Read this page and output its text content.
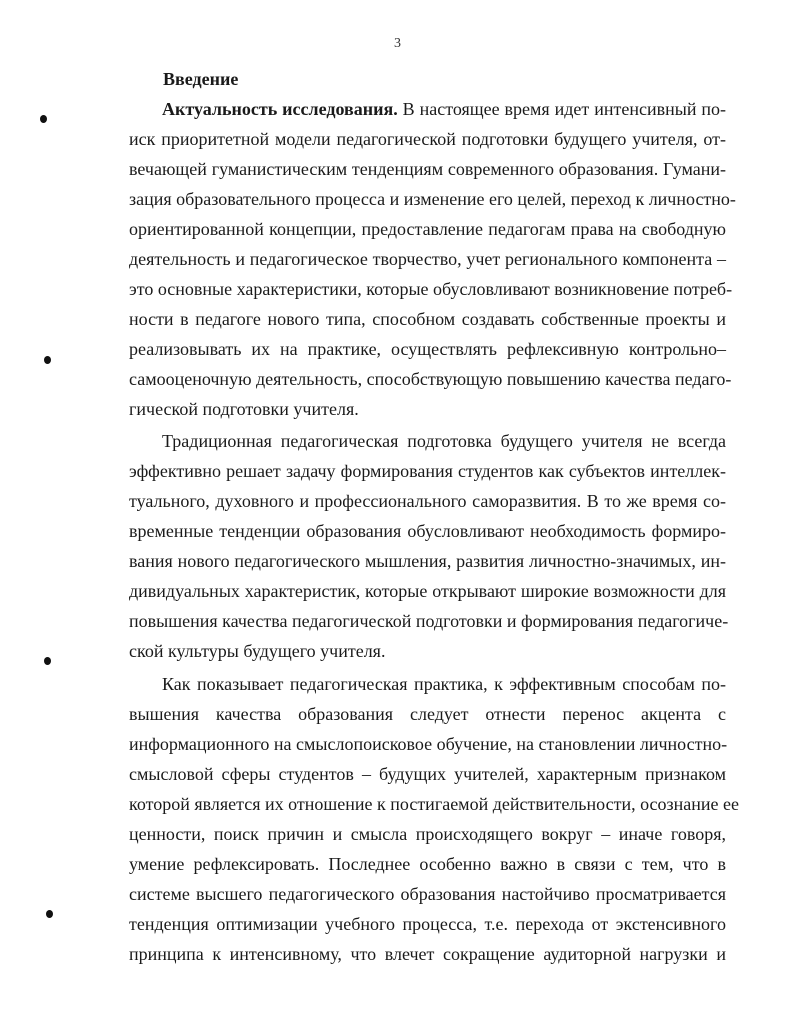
3
Введение
Актуальность исследования. В настоящее время идет интенсивный по-
иск приоритетной модели педагогической подготовки будущего учителя, от-
вечающей гуманистическим тенденциям современного образования. Гумани-
зация образовательного процесса и изменение его целей, переход к личностно-
ориентированной концепции, предоставление педагогам права на свободную
деятельность и педагогическое творчество, учет регионального компонента –
это основные характеристики, которые обусловливают возникновение потреб-
ности в педагоге нового типа, способном создавать собственные проекты и
реализовывать их на практике, осуществлять рефлексивную контрольно–
самооценочную деятельность, способствующую повышению качества педаго-
гической подготовки учителя.
Традиционная педагогическая подготовка будущего учителя не всегда
эффективно решает задачу формирования студентов как субъектов интеллек-
туального, духовного и профессионального саморазвития. В то же время со-
временные тенденции образования обусловливают необходимость формиро-
вания нового педагогического мышления, развития личностно-значимых, ин-
дивидуальных характеристик, которые открывают широкие возможности для
повышения качества педагогической подготовки и формирования педагогиче-
ской культуры будущего учителя.
Как показывает педагогическая практика, к эффективным способам по-
вышения качества образования следует отнести перенос акцента с
информационного на смыслопоисковое обучение, на становлении личностно-
смысловой сферы студентов – будущих учителей, характерным признаком
которой является их отношение к постигаемой действительности, осознание ее
ценности, поиск причин и смысла происходящего вокруг – иначе говоря,
умение рефлексировать. Последнее особенно важно в связи с тем, что в
системе высшего педагогического образования настойчиво просматривается
тенденция оптимизации учебного процесса, т.е. перехода от экстенсивного
принципа к интенсивному, что влечет сокращение аудиторной нагрузки и
